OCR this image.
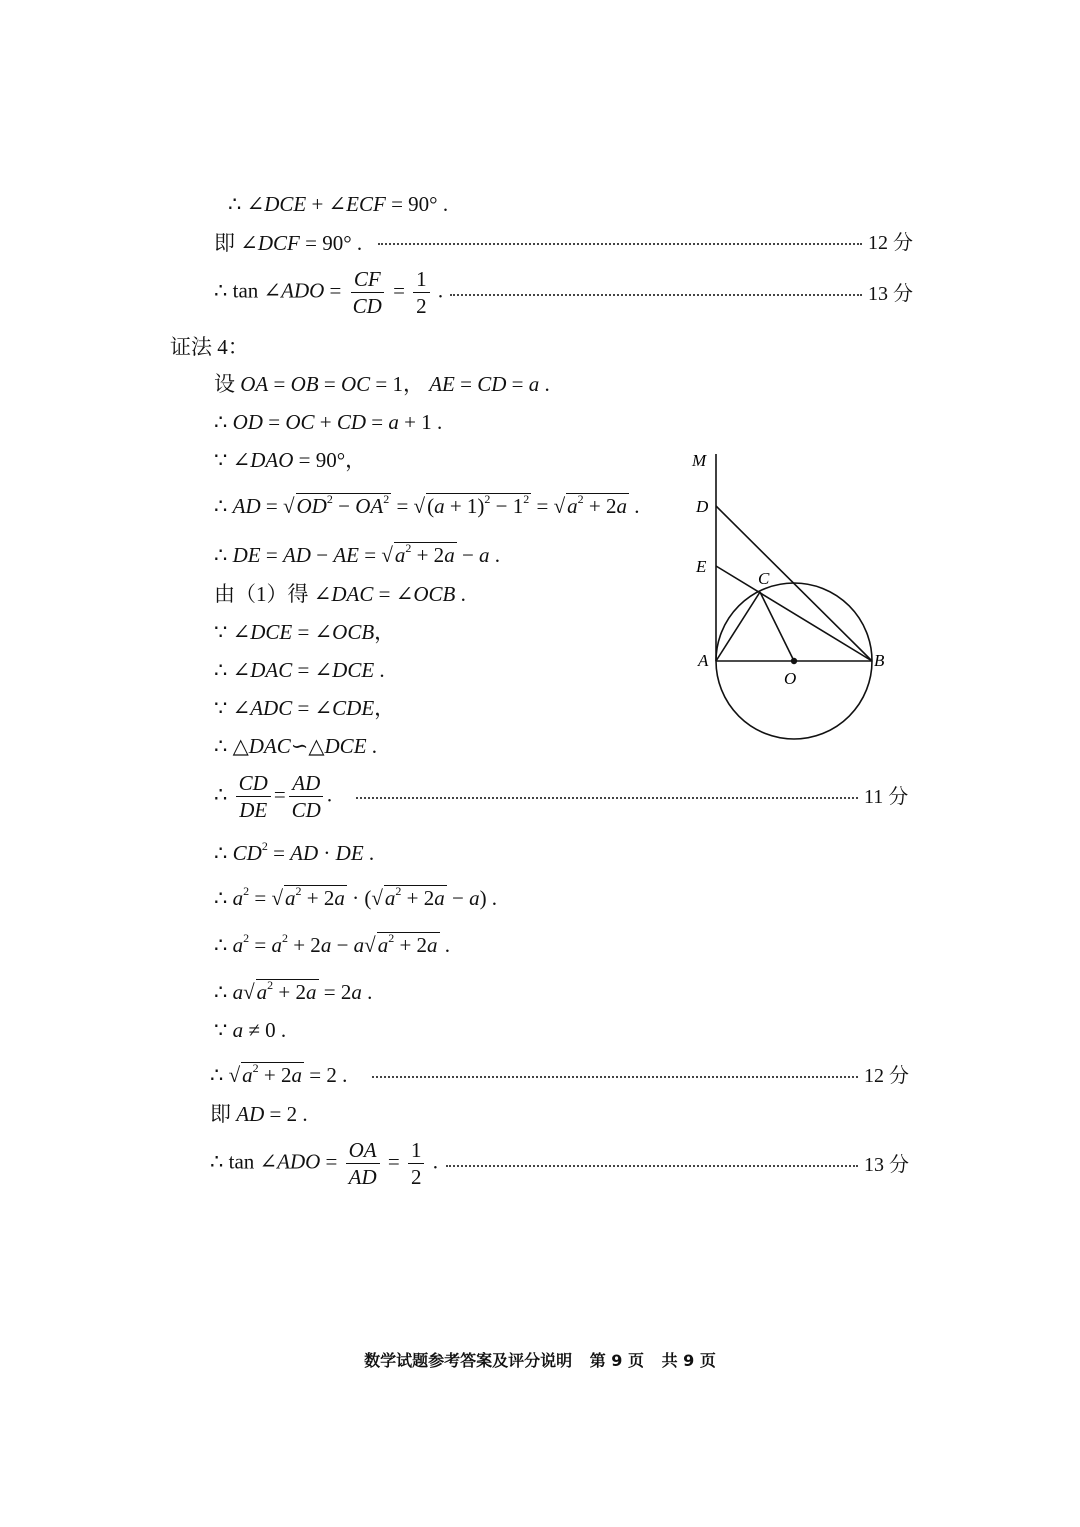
∴ ∠DCE + ∠ECF = 90° .
即 ∠DCF = 90° .	12 分
∴ tan ∠ADO = $\frac{CF}{CD} = \frac{1}{2}$ .	13 分
证法 4：
设 OA = OB = OC = 1， AE = CD = a .
∴ OD = OC + CD = a + 1 .
∵ ∠DAO = 90°，
∴ AD = $√OD^2 - OA^2 = √(a + 1)^2 - 1^2 = √a^2 + 2a$ .
∴ DE = AD − AE = $√a^2 + 2a - a$ .
由（1）得 ∠DAC = ∠OCB .
∵ ∠DCE = ∠OCB，
∴ ∠DAC = ∠DCE .
∵ ∠ADC = ∠CDE，
∴ △DAC∽△DCE .
∴ $\frac{CD}{DE} = \frac{AD}{CD}$ .	11 分
∴ $CD^2$ = AD · DE .
∴ $a^2 = √a^2 + 2a \cdot (√a^2 + 2a - a)$ .
∴ $a^2 = a^2 + 2a - a√a^2 + 2a$ .
∴ $a√a^2 + 2a = 2a$ .
∵ a ≠ 0 .
∴ $√a^2 + 2a = 2$ .	12 分
即 AD = 2 .
∴ tan ∠ADO = $\frac{OA}{AD} = \frac{1}{2}$ .	13 分
M
D
E
C
A
O
B
数学试题参考答案及评分说明 第 9 页 共 9 页
